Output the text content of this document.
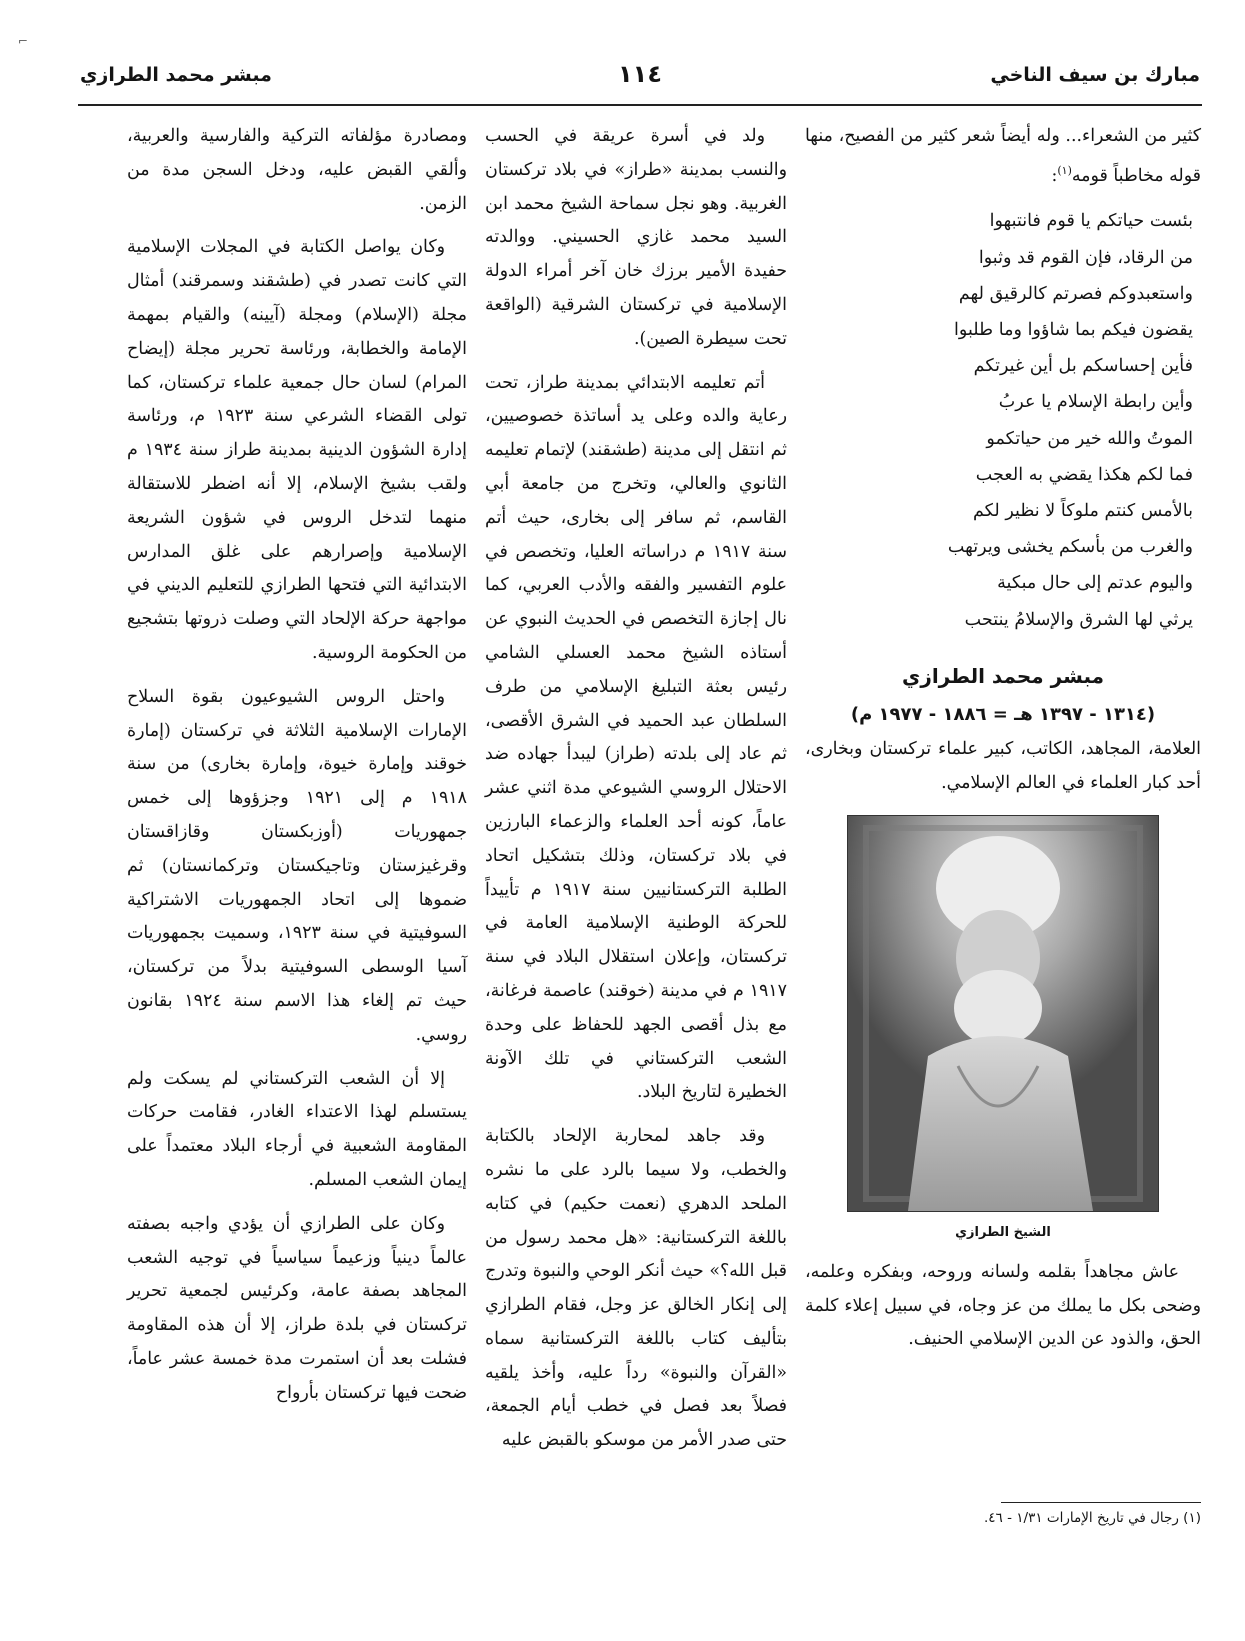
⌐
مبارك بن سيف الناخي
١١٤
مبشر محمد الطرازي

كثير من الشعراء... وله أيضاً شعر كثير من الفصيح، منها قوله مخاطباً قومه$^{(١)}$:

بئست حياتكم يا قوم فانتبهوا
من الرقاد، فإن القوم قد وثبوا
واستعبدوكم فصرتم كالرقيق لهم
يقضون فيكم بما شاؤوا وما طلبوا
فأين إحساسكم بل أين غيرتكم
وأين رابطة الإسلام يا عربُ
الموتُ والله خير من حياتكمو
فما لكم هكذا يقضي به العجب
بالأمس كنتم ملوكاً لا نظير لكم
والغرب من بأسكم يخشى ويرتهب
واليوم عدتم إلى حال مبكية
يرثي لها الشرق والإسلامُ ينتحب
مبشر محمد الطرازي
(١٣١٤ - ١٣٩٧ هـ = ١٨٨٦ - ١٩٧٧ م)

العلامة، المجاهد، الكاتب، كبير علماء تركستان وبخارى، أحد كبار العلماء في العالم الإسلامي.

الشيخ الطرازي

عاش مجاهداً بقلمه ولسانه وروحه، وبفكره وعلمه، وضحى بكل ما يملك من عز وجاه، في سبيل إعلاء كلمة الحق، والذود عن الدين الإسلامي الحنيف.

ولد في أسرة عريقة في الحسب والنسب بمدينة «طراز» في بلاد تركستان الغربية. وهو نجل سماحة الشيخ محمد ابن السيد محمد غازي الحسيني. ووالدته حفيدة الأمير برزك خان آخر أمراء الدولة الإسلامية في تركستان الشرقية (الواقعة تحت سيطرة الصين).

أتم تعليمه الابتدائي بمدينة طراز، تحت رعاية والده وعلى يد أساتذة خصوصيين، ثم انتقل إلى مدينة (طشقند) لإتمام تعليمه الثانوي والعالي، وتخرج من جامعة أبي القاسم، ثم سافر إلى بخارى، حيث أتم سنة ١٩١٧ م دراساته العليا، وتخصص في علوم التفسير والفقه والأدب العربي، كما نال إجازة التخصص في الحديث النبوي عن أستاذه الشيخ محمد العسلي الشامي رئيس بعثة التبليغ الإسلامي من طرف السلطان عبد الحميد في الشرق الأقصى، ثم عاد إلى بلدته (طراز) ليبدأ جهاده ضد الاحتلال الروسي الشيوعي مدة اثني عشر عاماً، كونه أحد العلماء والزعماء البارزين في بلاد تركستان، وذلك بتشكيل اتحاد الطلبة التركستانيين سنة ١٩١٧ م تأييداً للحركة الوطنية الإسلامية العامة في تركستان، وإعلان استقلال البلاد في سنة ١٩١٧ م في مدينة (خوقند) عاصمة فرغانة، مع بذل أقصى الجهد للحفاظ على وحدة الشعب التركستاني في تلك الآونة الخطيرة لتاريخ البلاد.

وقد جاهد لمحاربة الإلحاد بالكتابة والخطب، ولا سيما بالرد على ما نشره الملحد الدهري (نعمت حكيم) في كتابه باللغة التركستانية: «هل محمد رسول من قبل الله؟» حيث أنكر الوحي والنبوة وتدرج إلى إنكار الخالق عز وجل، فقام الطرازي بتأليف كتاب باللغة التركستانية سماه «القرآن والنبوة» رداً عليه، وأخذ يلقيه فصلاً بعد فصل في خطب أيام الجمعة، حتى صدر الأمر من موسكو بالقبض عليه

ومصادرة مؤلفاته التركية والفارسية والعربية، وألقي القبض عليه، ودخل السجن مدة من الزمن.

وكان يواصل الكتابة في المجلات الإسلامية التي كانت تصدر في (طشقند وسمرقند) أمثال مجلة (الإسلام) ومجلة (آيينه) والقيام بمهمة الإمامة والخطابة، ورئاسة تحرير مجلة (إيضاح المرام) لسان حال جمعية علماء تركستان، كما تولى القضاء الشرعي سنة ١٩٢٣ م، ورئاسة إدارة الشؤون الدينية بمدينة طراز سنة ١٩٣٤ م ولقب بشيخ الإسلام، إلا أنه اضطر للاستقالة منهما لتدخل الروس في شؤون الشريعة الإسلامية وإصرارهم على غلق المدارس الابتدائية التي فتحها الطرازي للتعليم الديني في مواجهة حركة الإلحاد التي وصلت ذروتها بتشجيع من الحكومة الروسية.

واحتل الروس الشيوعيون بقوة السلاح الإمارات الإسلامية الثلاثة في تركستان (إمارة خوقند وإمارة خيوة، وإمارة بخارى) من سنة ١٩١٨ م إلى ١٩٢١ وجزؤوها إلى خمس جمهوريات (أوزبكستان وقازاقستان وقرغيزستان وتاجيكستان وتركمانستان) ثم ضموها إلى اتحاد الجمهوريات الاشتراكية السوفيتية في سنة ١٩٢٣، وسميت بجمهوريات آسيا الوسطى السوفيتية بدلاً من تركستان، حيث تم إلغاء هذا الاسم سنة ١٩٢٤ بقانون روسي.

إلا أن الشعب التركستاني لم يسكت ولم يستسلم لهذا الاعتداء الغادر، فقامت حركات المقاومة الشعبية في أرجاء البلاد معتمداً على إيمان الشعب المسلم.

وكان على الطرازي أن يؤدي واجبه بصفته عالماً دينياً وزعيماً سياسياً في توجيه الشعب المجاهد بصفة عامة، وكرئيس لجمعية تحرير تركستان في بلدة طراز، إلا أن هذه المقاومة فشلت بعد أن استمرت مدة خمسة عشر عاماً، ضحت فيها تركستان بأرواح

(١) رجال في تاريخ الإمارات ١/٣١ - ٤٦.
